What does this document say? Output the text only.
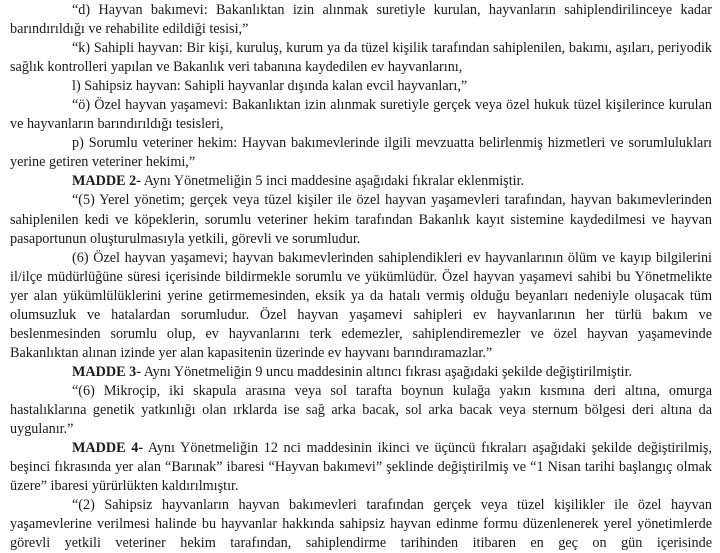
“d) Hayvan bakımevi: Bakanlıktan izin alınmak suretiyle kurulan, hayvanların sahiplendirilinceye kadar barındırıldığı ve rehabilite edildiği tesisi,”

“k) Sahipli hayvan: Bir kişi, kuruluş, kurum ya da tüzel kişilik tarafından sahiplenilen, bakımı, aşıları, periyodik sağlık kontrolleri yapılan ve Bakanlık veri tabanına kaydedilen ev hayvanlarını,

l) Sahipsiz hayvan: Sahipli hayvanlar dışında kalan evcil hayvanları,”

“ö) Özel hayvan yaşamevi: Bakanlıktan izin alınmak suretiyle gerçek veya özel hukuk tüzel kişilerince kurulan ve hayvanların barındırıldığı tesisleri,

p) Sorumlu veteriner hekim: Hayvan bakımevlerinde ilgili mevzuatta belirlenmiş hizmetleri ve sorumlulukları yerine getiren veteriner hekimi,”

MADDE 2- Aynı Yönetmeliğin 5 inci maddesine aşağıdaki fıkralar eklenmiştir.

“(5) Yerel yönetim; gerçek veya tüzel kişiler ile özel hayvan yaşamevleri tarafından, hayvan bakımevlerinden sahiplenilen kedi ve köpeklerin, sorumlu veteriner hekim tarafından Bakanlık kayıt sistemine kaydedilmesi ve hayvan pasaportunun oluşturulmasıyla yetkili, görevli ve sorumludur.

(6) Özel hayvan yaşamevi; hayvan bakımevlerinden sahiplendikleri ev hayvanlarının ölüm ve kayıp bilgilerini il/ilçe müdürlüğüne süresi içerisinde bildirmekle sorumlu ve yükümlüdür. Özel hayvan yaşamevi sahibi bu Yönetmelikte yer alan yükümlülüklerini yerine getirmemesinden, eksik ya da hatalı vermiş olduğu beyanları nedeniyle oluşacak tüm olumsuzluk ve hatalardan sorumludur. Özel hayvan yaşamevi sahipleri ev hayvanlarının her türlü bakım ve beslenmesinden sorumlu olup, ev hayvanlarını terk edemezler, sahiplendiremezler ve özel hayvan yaşamevinde Bakanlıktan alınan izinde yer alan kapasitenin üzerinde ev hayvanı barındıramazlar.”

MADDE 3- Aynı Yönetmeliğin 9 uncu maddesinin altıncı fıkrası aşağıdaki şekilde değiştirilmiştir.

“(6) Mikroçip, iki skapula arasına veya sol tarafta boynun kulağa yakın kısmına deri altına, omurga hastalıklarına genetik yatkınlığı olan ırklarda ise sağ arka bacak, sol arka bacak veya sternum bölgesi deri altına da uygulanır.”

MADDE 4- Aynı Yönetmeliğin 12 nci maddesinin ikinci ve üçüncü fıkraları aşağıdaki şekilde değiştirilmiş, beşinci fıkrasında yer alan “Barınak” ibaresi “Hayvan bakımevi” şeklinde değiştirilmiş ve “1 Nisan tarihi başlangıç olmak üzere” ibaresi yürürlükten kaldırılmıştır.

“(2) Sahipsiz hayvanların hayvan bakımevleri tarafından gerçek veya tüzel kişilikler ile özel hayvan yaşamevlerine verilmesi halinde bu hayvanlar hakkında sahipsiz hayvan edinme formu düzenlenerek yerel yönetimlerde görevli yetkili veteriner hekim tarafından, sahiplendirme tarihinden itibaren en geç on gün içerisinde
